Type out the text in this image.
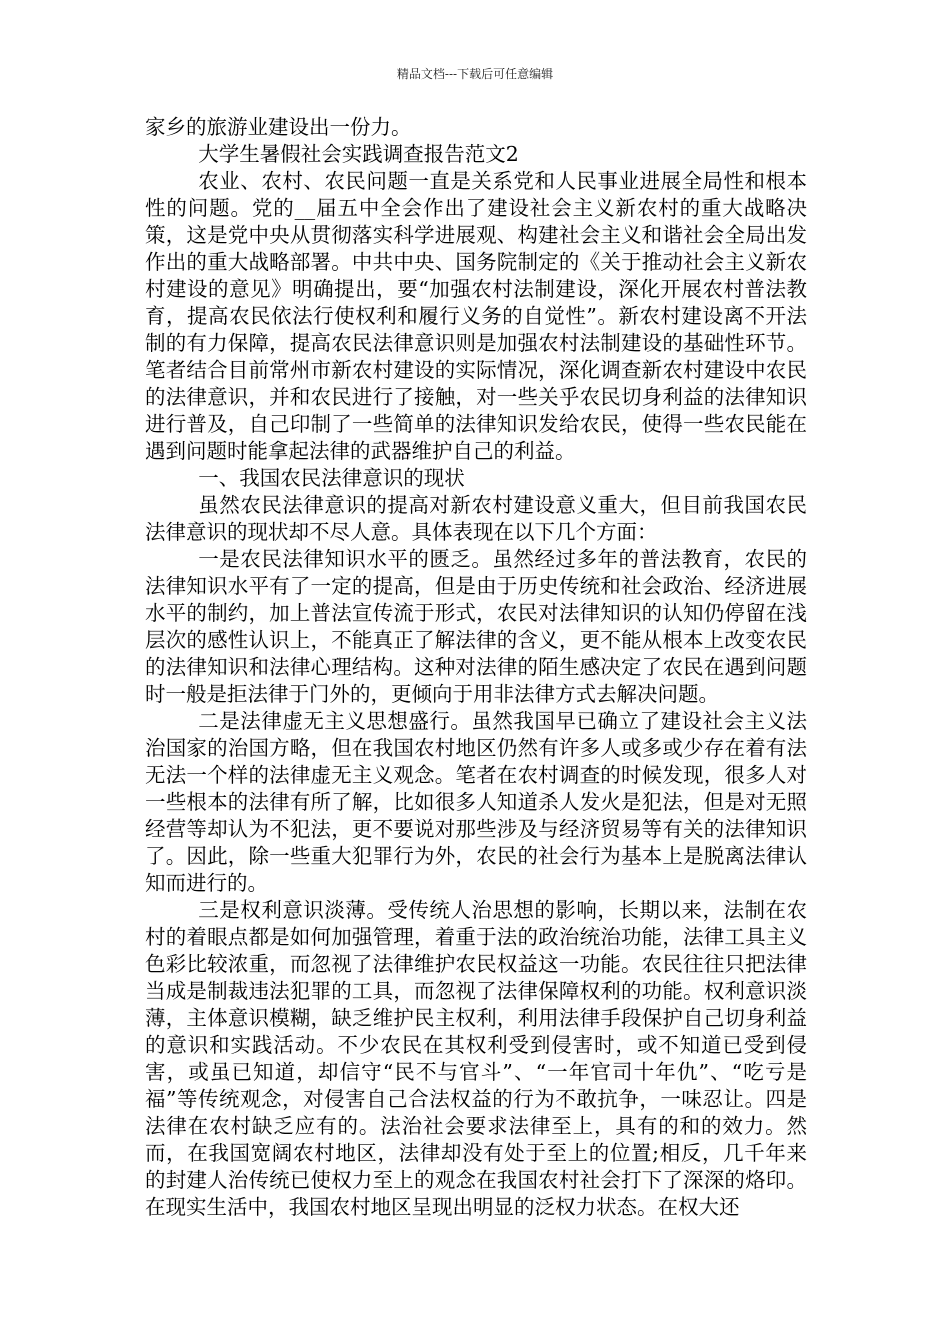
精品文档---下载后可任意编辑

家乡的旅游业建设出一份力。

大学生暑假社会实践调查报告范文2

农业、农村、农民问题一直是关系党和人民事业进展全局性和根本性的问题。党的__届五中全会作出了建设社会主义新农村的重大战略决策，这是党中央从贯彻落实科学进展观、构建社会主义和谐社会全局出发作出的重大战略部署。中共中央、国务院制定的《关于推动社会主义新农村建设的意见》明确提出，要“加强农村法制建设，深化开展农村普法教育，提高农民依法行使权利和履行义务的自觉性”。新农村建设离不开法制的有力保障，提高农民法律意识则是加强农村法制建设的基础性环节。笔者结合目前常州市新农村建设的实际情况，深化调查新农村建设中农民的法律意识，并和农民进行了接触，对一些关乎农民切身利益的法律知识进行普及，自己印制了一些简单的法律知识发给农民，使得一些农民能在遇到问题时能拿起法律的武器维护自己的利益。

一、我国农民法律意识的现状

虽然农民法律意识的提高对新农村建设意义重大，但目前我国农民法律意识的现状却不尽人意。具体表现在以下几个方面：

一是农民法律知识水平的匮乏。虽然经过多年的普法教育，农民的法律知识水平有了一定的提高，但是由于历史传统和社会政治、经济进展水平的制约，加上普法宣传流于形式，农民对法律知识的认知仍停留在浅层次的感性认识上，不能真正了解法律的含义，更不能从根本上改变农民的法律知识和法律心理结构。这种对法律的陌生感决定了农民在遇到问题时一般是拒法律于门外的，更倾向于用非法律方式去解决问题。

二是法律虚无主义思想盛行。虽然我国早已确立了建设社会主义法治国家的治国方略，但在我国农村地区仍然有许多人或多或少存在着有法无法一个样的法律虚无主义观念。笔者在农村调查的时候发现，很多人对一些根本的法律有所了解，比如很多人知道杀人发火是犯法，但是对无照经营等却认为不犯法，更不要说对那些涉及与经济贸易等有关的法律知识了。因此，除一些重大犯罪行为外，农民的社会行为基本上是脱离法律认知而进行的。

三是权利意识淡薄。受传统人治思想的影响，长期以来，法制在农村的着眼点都是如何加强管理，着重于法的政治统治功能，法律工具主义色彩比较浓重，而忽视了法律维护农民权益这一功能。农民往往只把法律当成是制裁违法犯罪的工具，而忽视了法律保障权利的功能。权利意识淡薄，主体意识模糊，缺乏维护民主权利，利用法律手段保护自己切身利益的意识和实践活动。不少农民在其权利受到侵害时，或不知道已受到侵害，或虽已知道，却信守“民不与官斗”、“一年官司十年仇”、“吃亏是福”等传统观念，对侵害自己合法权益的行为不敢抗争，一味忍让。四是法律在农村缺乏应有的。法治社会要求法律至上，具有的和的效力。然而，在我国宽阔农村地区，法律却没有处于至上的位置;相反，几千年来的封建人治传统已使权力至上的观念在我国农村社会打下了深深的烙印。在现实生活中，我国农村地区呈现出明显的泛权力状态。在权大还
